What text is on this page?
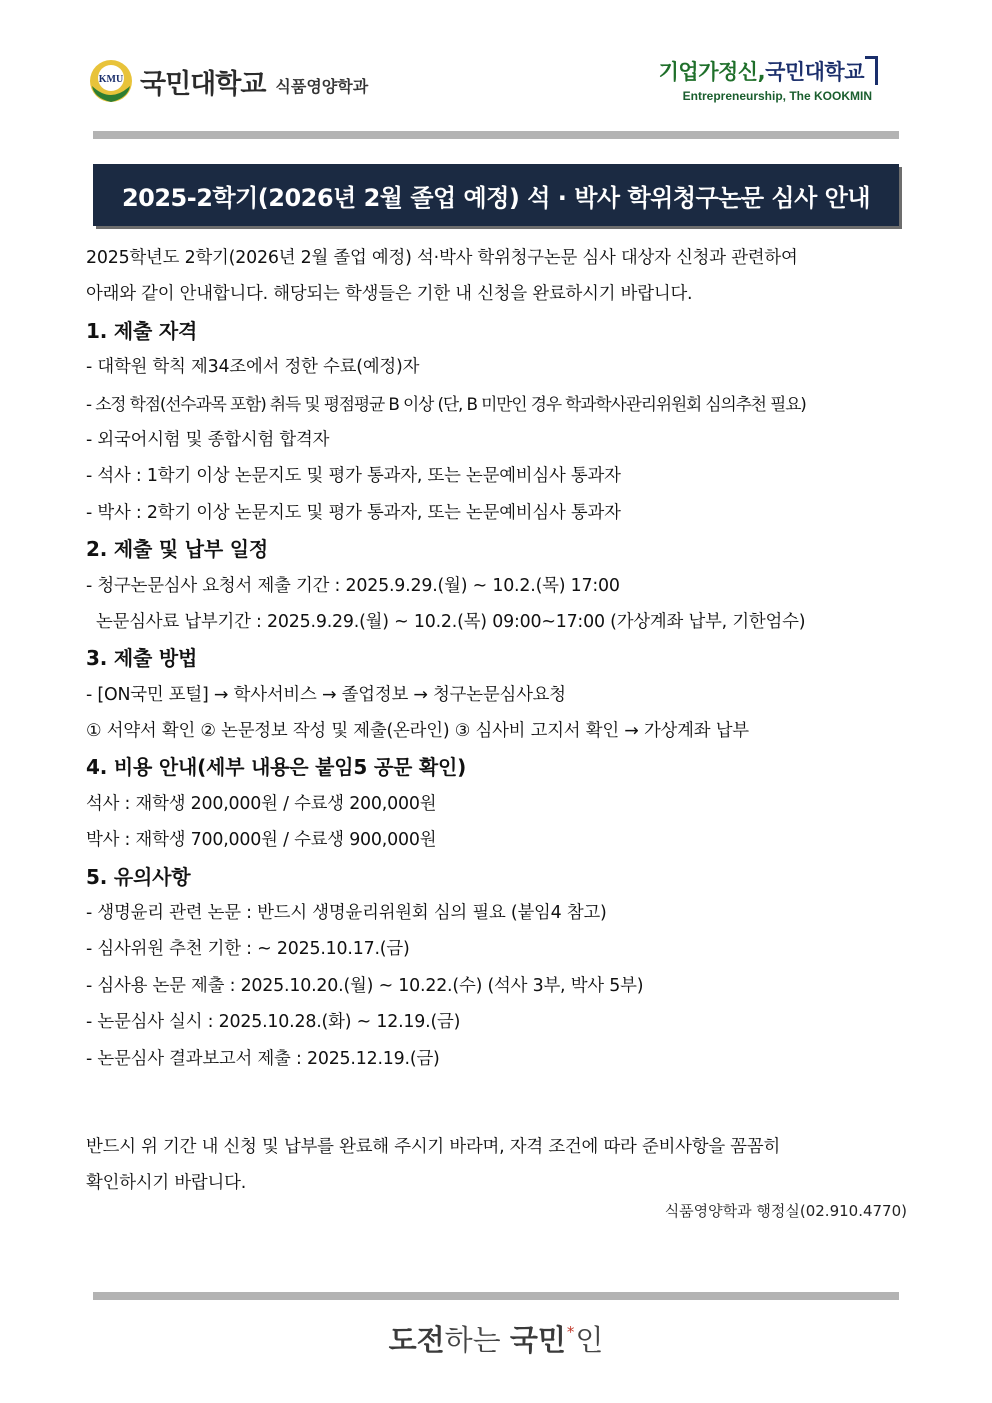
KMU 국민대학교 식품영양학과
기업가정신,국민대학교
Entrepreneurship, The KOOKMIN
2025-2학기(2026년 2월 졸업 예정) 석 · 박사 학위청구논문 심사 안내
2025학년도 2학기(2026년 2월 졸업 예정) 석·박사 학위청구논문 심사 대상자 신청과 관련하여
아래와 같이 안내합니다. 해당되는 학생들은 기한 내 신청을 완료하시기 바랍니다.
1. 제출 자격
- 대학원 학칙 제34조에서 정한 수료(예정)자
- 소정 학점(선수과목 포함) 취득 및 평점평균 B 이상 (단, B 미만인 경우 학과학사관리위원회 심의추천 필요)
- 외국어시험 및 종합시험 합격자
- 석사 : 1학기 이상 논문지도 및 평가 통과자, 또는 논문예비심사 통과자
- 박사 : 2학기 이상 논문지도 및 평가 통과자, 또는 논문예비심사 통과자
2. 제출 및 납부 일정
- 청구논문심사 요청서 제출 기간 : 2025.9.29.(월) ~ 10.2.(목) 17:00
논문심사료 납부기간 : 2025.9.29.(월) ~ 10.2.(목) 09:00~17:00 (가상계좌 납부, 기한엄수)
3. 제출 방법
- [ON국민 포털] → 학사서비스 → 졸업정보 → 청구논문심사요청
① 서약서 확인 ② 논문정보 작성 및 제출(온라인) ③ 심사비 고지서 확인 → 가상계좌 납부
4. 비용 안내(세부 내용은 붙임5 공문 확인)
석사 : 재학생 200,000원 / 수료생 200,000원
박사 : 재학생 700,000원 / 수료생 900,000원
5. 유의사항
- 생명윤리 관련 논문 : 반드시 생명윤리위원회 심의 필요 (붙임4 참고)
- 심사위원 추천 기한 : ~ 2025.10.17.(금)
- 심사용 논문 제출 : 2025.10.20.(월) ~ 10.22.(수) (석사 3부, 박사 5부)
- 논문심사 실시 : 2025.10.28.(화) ~ 12.19.(금)
- 논문심사 결과보고서 제출 : 2025.12.19.(금)
반드시 위 기간 내 신청 및 납부를 완료해 주시기 바라며, 자격 조건에 따라 준비사항을 꼼꼼히
확인하시기 바랍니다.
식품영양학과 행정실(02.910.4770)
도전하는 국민*인
